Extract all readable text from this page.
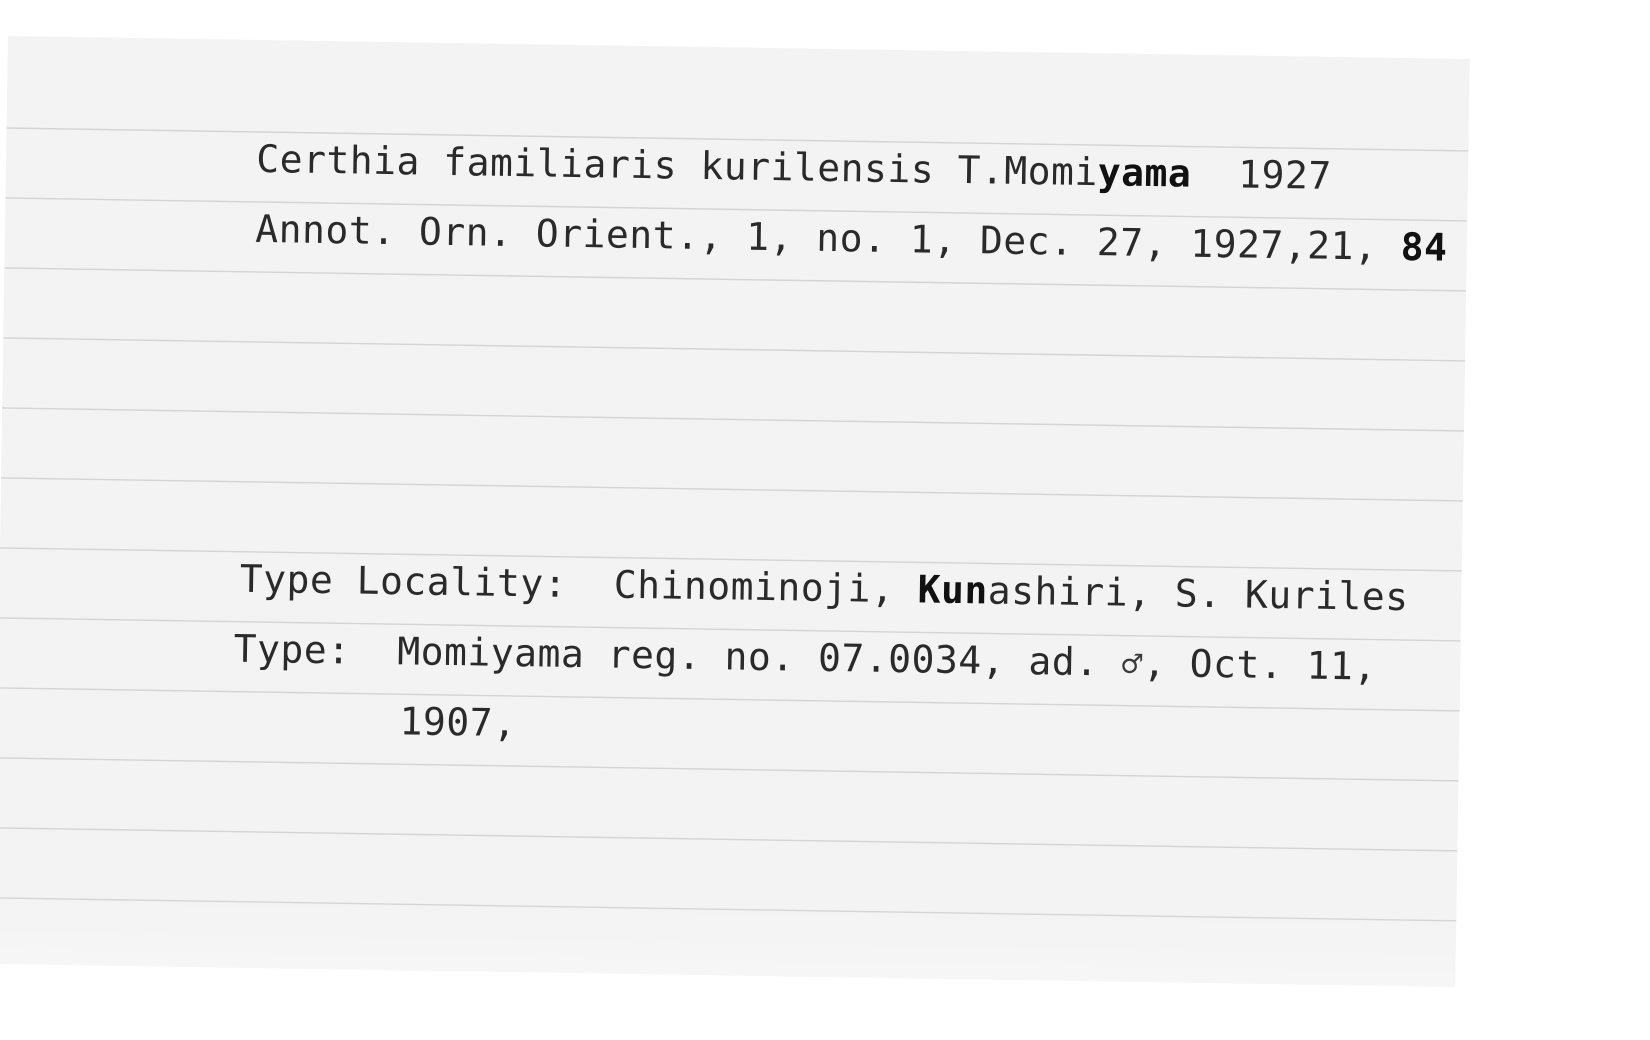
Certhia familiaris kurilensis T.Momiyama 1927

Annot. Orn. Orient., 1, no. 1, Dec. 27, 1927,21, 84

Type Locality: Chinominoji, Kunashiri, S. Kuriles

Type: Momiyama reg. no. 07.0034, ad. ♂, Oct. 11,

1907,
